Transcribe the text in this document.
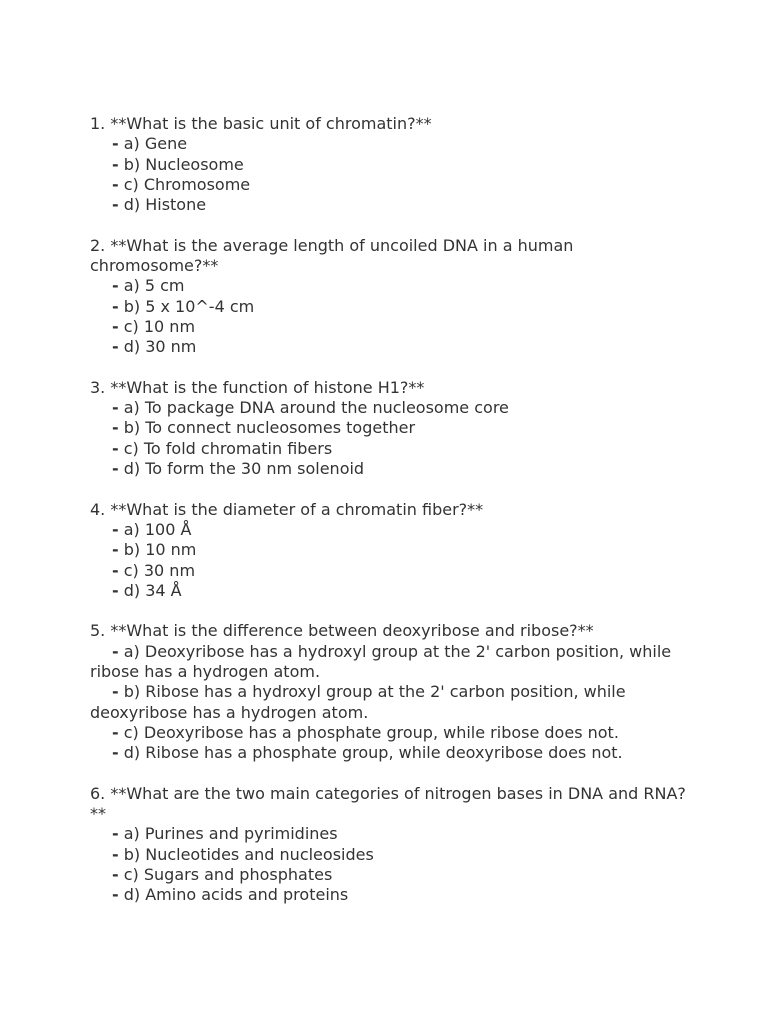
1. **What is the basic unit of chromatin?**
- a) Gene
- b) Nucleosome
- c) Chromosome
- d) Histone
2. **What is the average length of uncoiled DNA in a human chromosome?**
- a) 5 cm
- b) 5 x 10^-4 cm
- c) 10 nm
- d) 30 nm
3. **What is the function of histone H1?**
- a) To package DNA around the nucleosome core
- b) To connect nucleosomes together
- c) To fold chromatin fibers
- d) To form the 30 nm solenoid
4. **What is the diameter of a chromatin fiber?**
- a) 100 Å
- b) 10 nm
- c) 30 nm
- d) 34 Å
5. **What is the difference between deoxyribose and ribose?**
- a) Deoxyribose has a hydroxyl group at the 2' carbon position, while ribose has a hydrogen atom.
- b) Ribose has a hydroxyl group at the 2' carbon position, while deoxyribose has a hydrogen atom.
- c) Deoxyribose has a phosphate group, while ribose does not.
- d) Ribose has a phosphate group, while deoxyribose does not.
6. **What are the two main categories of nitrogen bases in DNA and RNA?**
- a) Purines and pyrimidines
- b) Nucleotides and nucleosides
- c) Sugars and phosphates
- d) Amino acids and proteins
